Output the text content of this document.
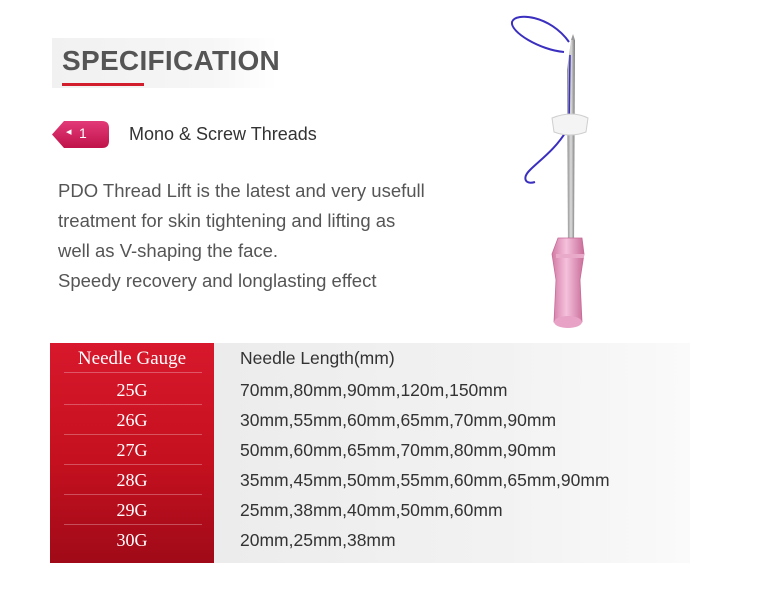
SPECIFICATION
◂ 1 Mono & Screw Threads
PDO Thread Lift is the latest and very usefull
treatment for skin tightening and lifting as
well as V-shaping the face.
Speedy recovery and longlasting effect
Needle Gauge	Needle Length(mm)
25G	70mm,80mm,90mm,120m,150mm
26G	30mm,55mm,60mm,65mm,70mm,90mm
27G	50mm,60mm,65mm,70mm,80mm,90mm
28G	35mm,45mm,50mm,55mm,60mm,65mm,90mm
29G	25mm,38mm,40mm,50mm,60mm
30G	20mm,25mm,38mm
